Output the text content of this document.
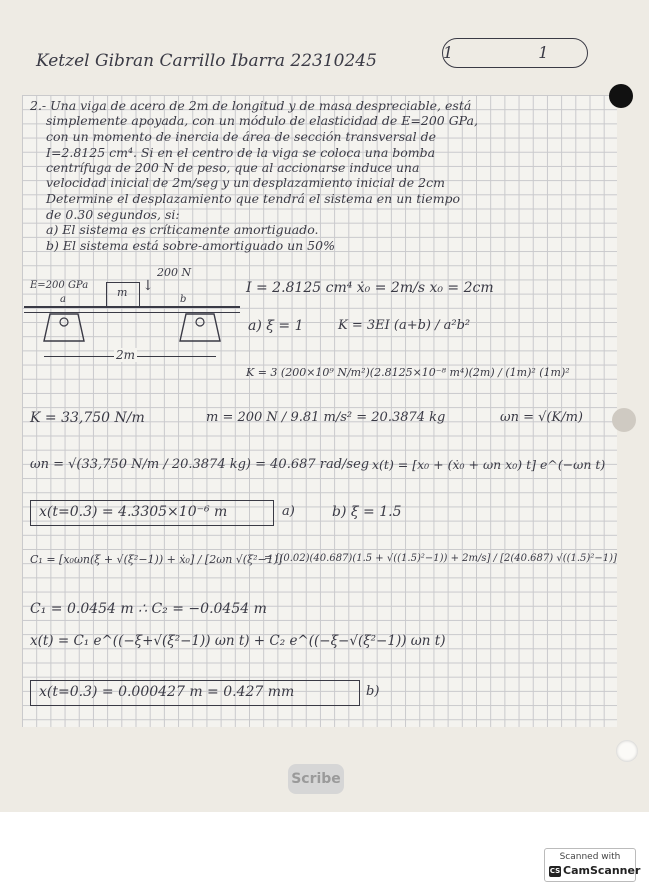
Ketzel Gibran Carrillo Ibarra 22310245	1 1
2.- Una viga de acero de 2m de longitud y de masa despreciable, está
simplemente apoyada, con un módulo de elasticidad de E=200 GPa,
con un momento de inercia de área de sección transversal de
I=2.8125 cm⁴. Si en el centro de la viga se coloca una bomba
centrífuga de 200 N de peso, que al accionarse induce una
velocidad inicial de 2m/seg y un desplazamiento inicial de 2cm
Determine el desplazamiento que tendrá el sistema en un tiempo
de 0.30 segundos, si:
a) El sistema es críticamente amortiguado.
b) El sistema está sobre-amortiguado un 50%
200 N
E=200 GPa	↓
m
a	b
2m
I = 2.8125 cm⁴ ẋ₀ = 2m/s x₀ = 2cm
a) ξ = 1	K = 3EI (a+b) / a²b²
K = 3 (200×10⁹ N/m²)(2.8125×10⁻⁸ m⁴)(2m) / (1m)² (1m)²
K = 33,750 N/m	m = 200 N / 9.81 m/s² = 20.3874 kg	ωn = √(K/m)
ωn = √(33,750 N/m / 20.3874 kg) = 40.687 rad/seg x(t) = [x₀ + (ẋ₀ + ωn x₀) t] e^(−ωn t)
x(t=0.3) = 4.3305×10⁻⁶ m	a)	b) ξ = 1.5
C₁ = [x₀ωn(ξ + √(ξ²−1)) + ẋ₀] / [2ωn √(ξ²−1)]
= [(0.02)(40.687)(1.5 + √((1.5)²−1)) + 2m/s] / [2(40.687) √((1.5)²−1)]
C₁ = 0.0454 m ∴ C₂ = −0.0454 m
x(t) = C₁ e^((−ξ+√(ξ²−1)) ωn t) + C₂ e^((−ξ−√(ξ²−1)) ωn t)
x(t=0.3) = 0.000427 m = 0.427 mm	b)
Scribe
Scanned with
CS CamScanner
